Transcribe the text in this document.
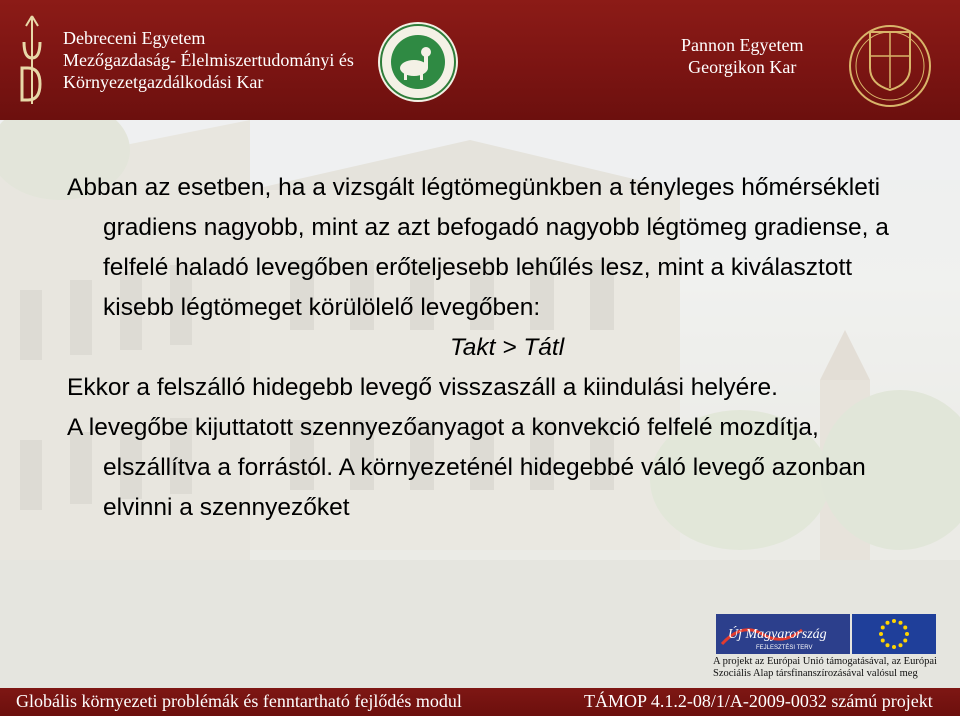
Debreceni Egyetem
Mezőgazdaság- Élelmiszertudományi és
Környezetgazdálkodási Kar
Pannon Egyetem
Georgikon Kar
Abban az esetben, ha a vizsgált légtömegünkben a tényleges hőmérsékleti gradiens nagyobb, mint az azt befogadó nagyobb légtömeg gradiense, a felfelé haladó levegőben erőteljesebb lehűlés lesz, mint a kiválasztott kisebb légtömeget körülölelő levegőben:
Takt > Tátl
Ekkor a felszálló hidegebb levegő visszaszáll a kiindulási helyére.
A levegőbe kijuttatott szennyezőanyagot a konvekció felfelé mozdítja, elszállítva a forrástól. A környezeténél hidegebbé váló levegő azonban elvinni a szennyezőket
Új Magyarország
FEJLESZTÉSI TERV
A projekt az Európai Unió támogatásával, az Európai
Szociális Alap társfinanszírozásával valósul meg
Globális környezeti problémák és fenntartható fejlődés modul	TÁMOP 4.1.2-08/1/A-2009-0032 számú projekt
